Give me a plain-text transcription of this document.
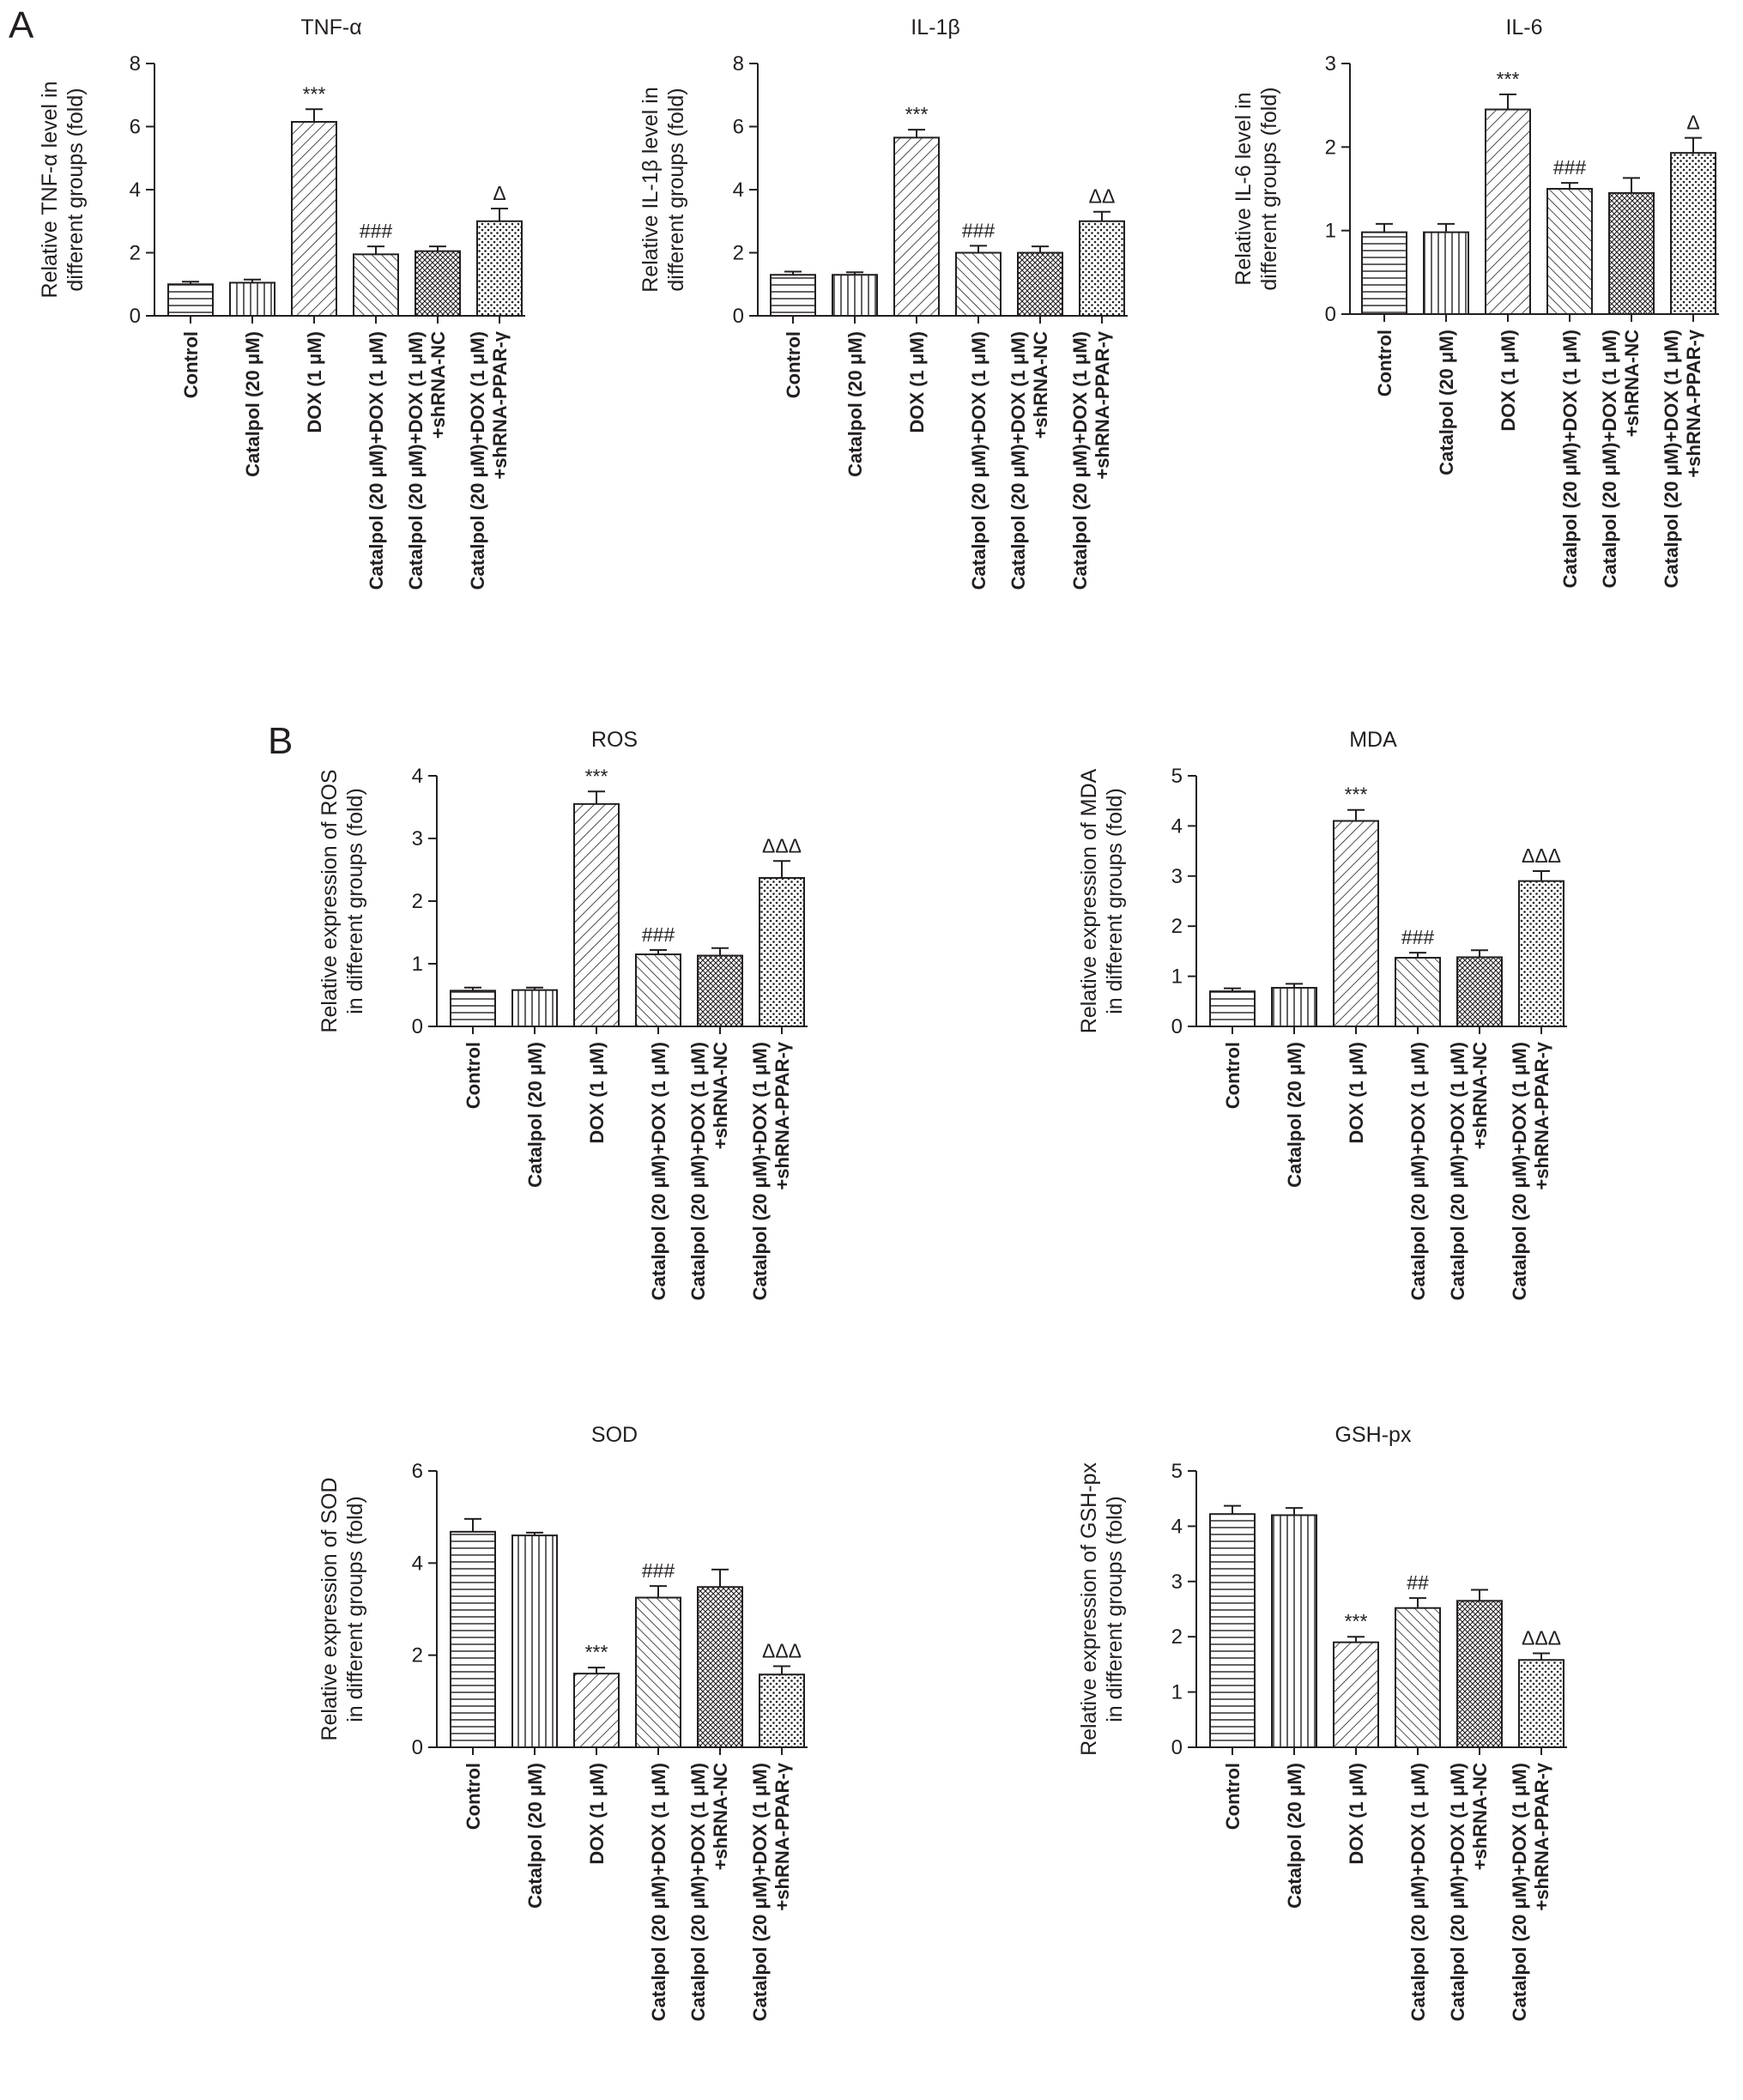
A
B
TNF-α
Relative TNF-α level in different groups (fold)
0
2
4
6
8
Control Catalpol (20 μM)
***
DOX (1 μM)
###
Catalpol (20 μM)+DOX (1 μM) Catalpol (20 μM)+DOX (1 μM) +shRNA-NC
Δ
Catalpol (20 μM)+DOX (1 μM) +shRNA-PPAR-γ
IL-1β
Relative IL-1β level in different groups (fold)
0
2
4
6
8
Control Catalpol (20 μM)
***
DOX (1 μM)
###
Catalpol (20 μM)+DOX (1 μM) Catalpol (20 μM)+DOX (1 μM) +shRNA-NC
ΔΔ
Catalpol (20 μM)+DOX (1 μM) +shRNA-PPAR-γ
IL-6
Relative IL-6 level in different groups (fold)
0
1
2
3
Control Catalpol (20 μM)
***
DOX (1 μM)
###
Catalpol (20 μM)+DOX (1 μM) Catalpol (20 μM)+DOX (1 μM) +shRNA-NC
Δ
Catalpol (20 μM)+DOX (1 μM) +shRNA-PPAR-γ
ROS
Relative expression of ROS in different groups (fold)
0
1
2
3
4
Control Catalpol (20 μM)
***
DOX (1 μM)
###
Catalpol (20 μM)+DOX (1 μM) Catalpol (20 μM)+DOX (1 μM) +shRNA-NC
ΔΔΔ
Catalpol (20 μM)+DOX (1 μM) +shRNA-PPAR-γ
MDA
Relative expression of MDA in different groups (fold)
0
1
2
3
4
5
Control Catalpol (20 μM)
***
DOX (1 μM)
###
Catalpol (20 μM)+DOX (1 μM) Catalpol (20 μM)+DOX (1 μM) +shRNA-NC
ΔΔΔ
Catalpol (20 μM)+DOX (1 μM) +shRNA-PPAR-γ
SOD
Relative expression of SOD in different groups (fold)
0
2
4
6
Control Catalpol (20 μM)
***
DOX (1 μM)
###
Catalpol (20 μM)+DOX (1 μM) Catalpol (20 μM)+DOX (1 μM) +shRNA-NC
ΔΔΔ
Catalpol (20 μM)+DOX (1 μM) +shRNA-PPAR-γ
GSH-px
Relative expression of GSH-px in different groups (fold)
0
1
2
3
4
5
Control Catalpol (20 μM)
***
DOX (1 μM)
##
Catalpol (20 μM)+DOX (1 μM) Catalpol (20 μM)+DOX (1 μM) +shRNA-NC
ΔΔΔ
Catalpol (20 μM)+DOX (1 μM) +shRNA-PPAR-γ
